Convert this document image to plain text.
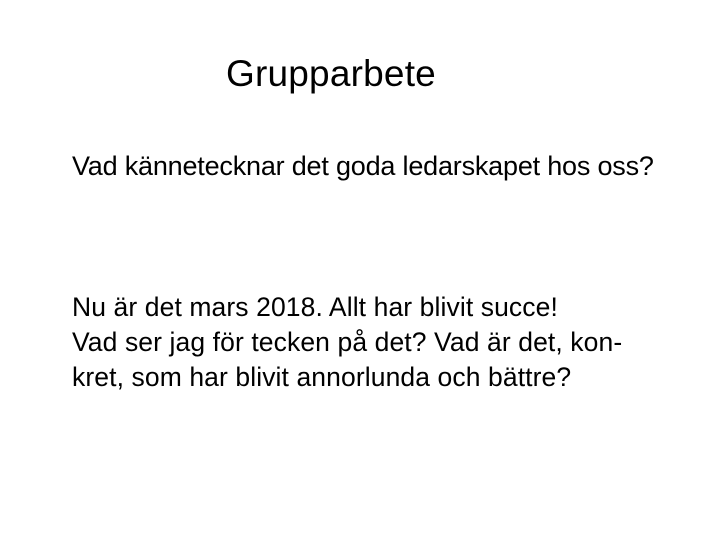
Grupparbete
Vad kännetecknar det goda ledarskapet hos oss?
Nu är det mars 2018. Allt har blivit succe!
Vad ser jag för tecken på det? Vad är det, kon-
kret, som har blivit annorlunda och bättre?
